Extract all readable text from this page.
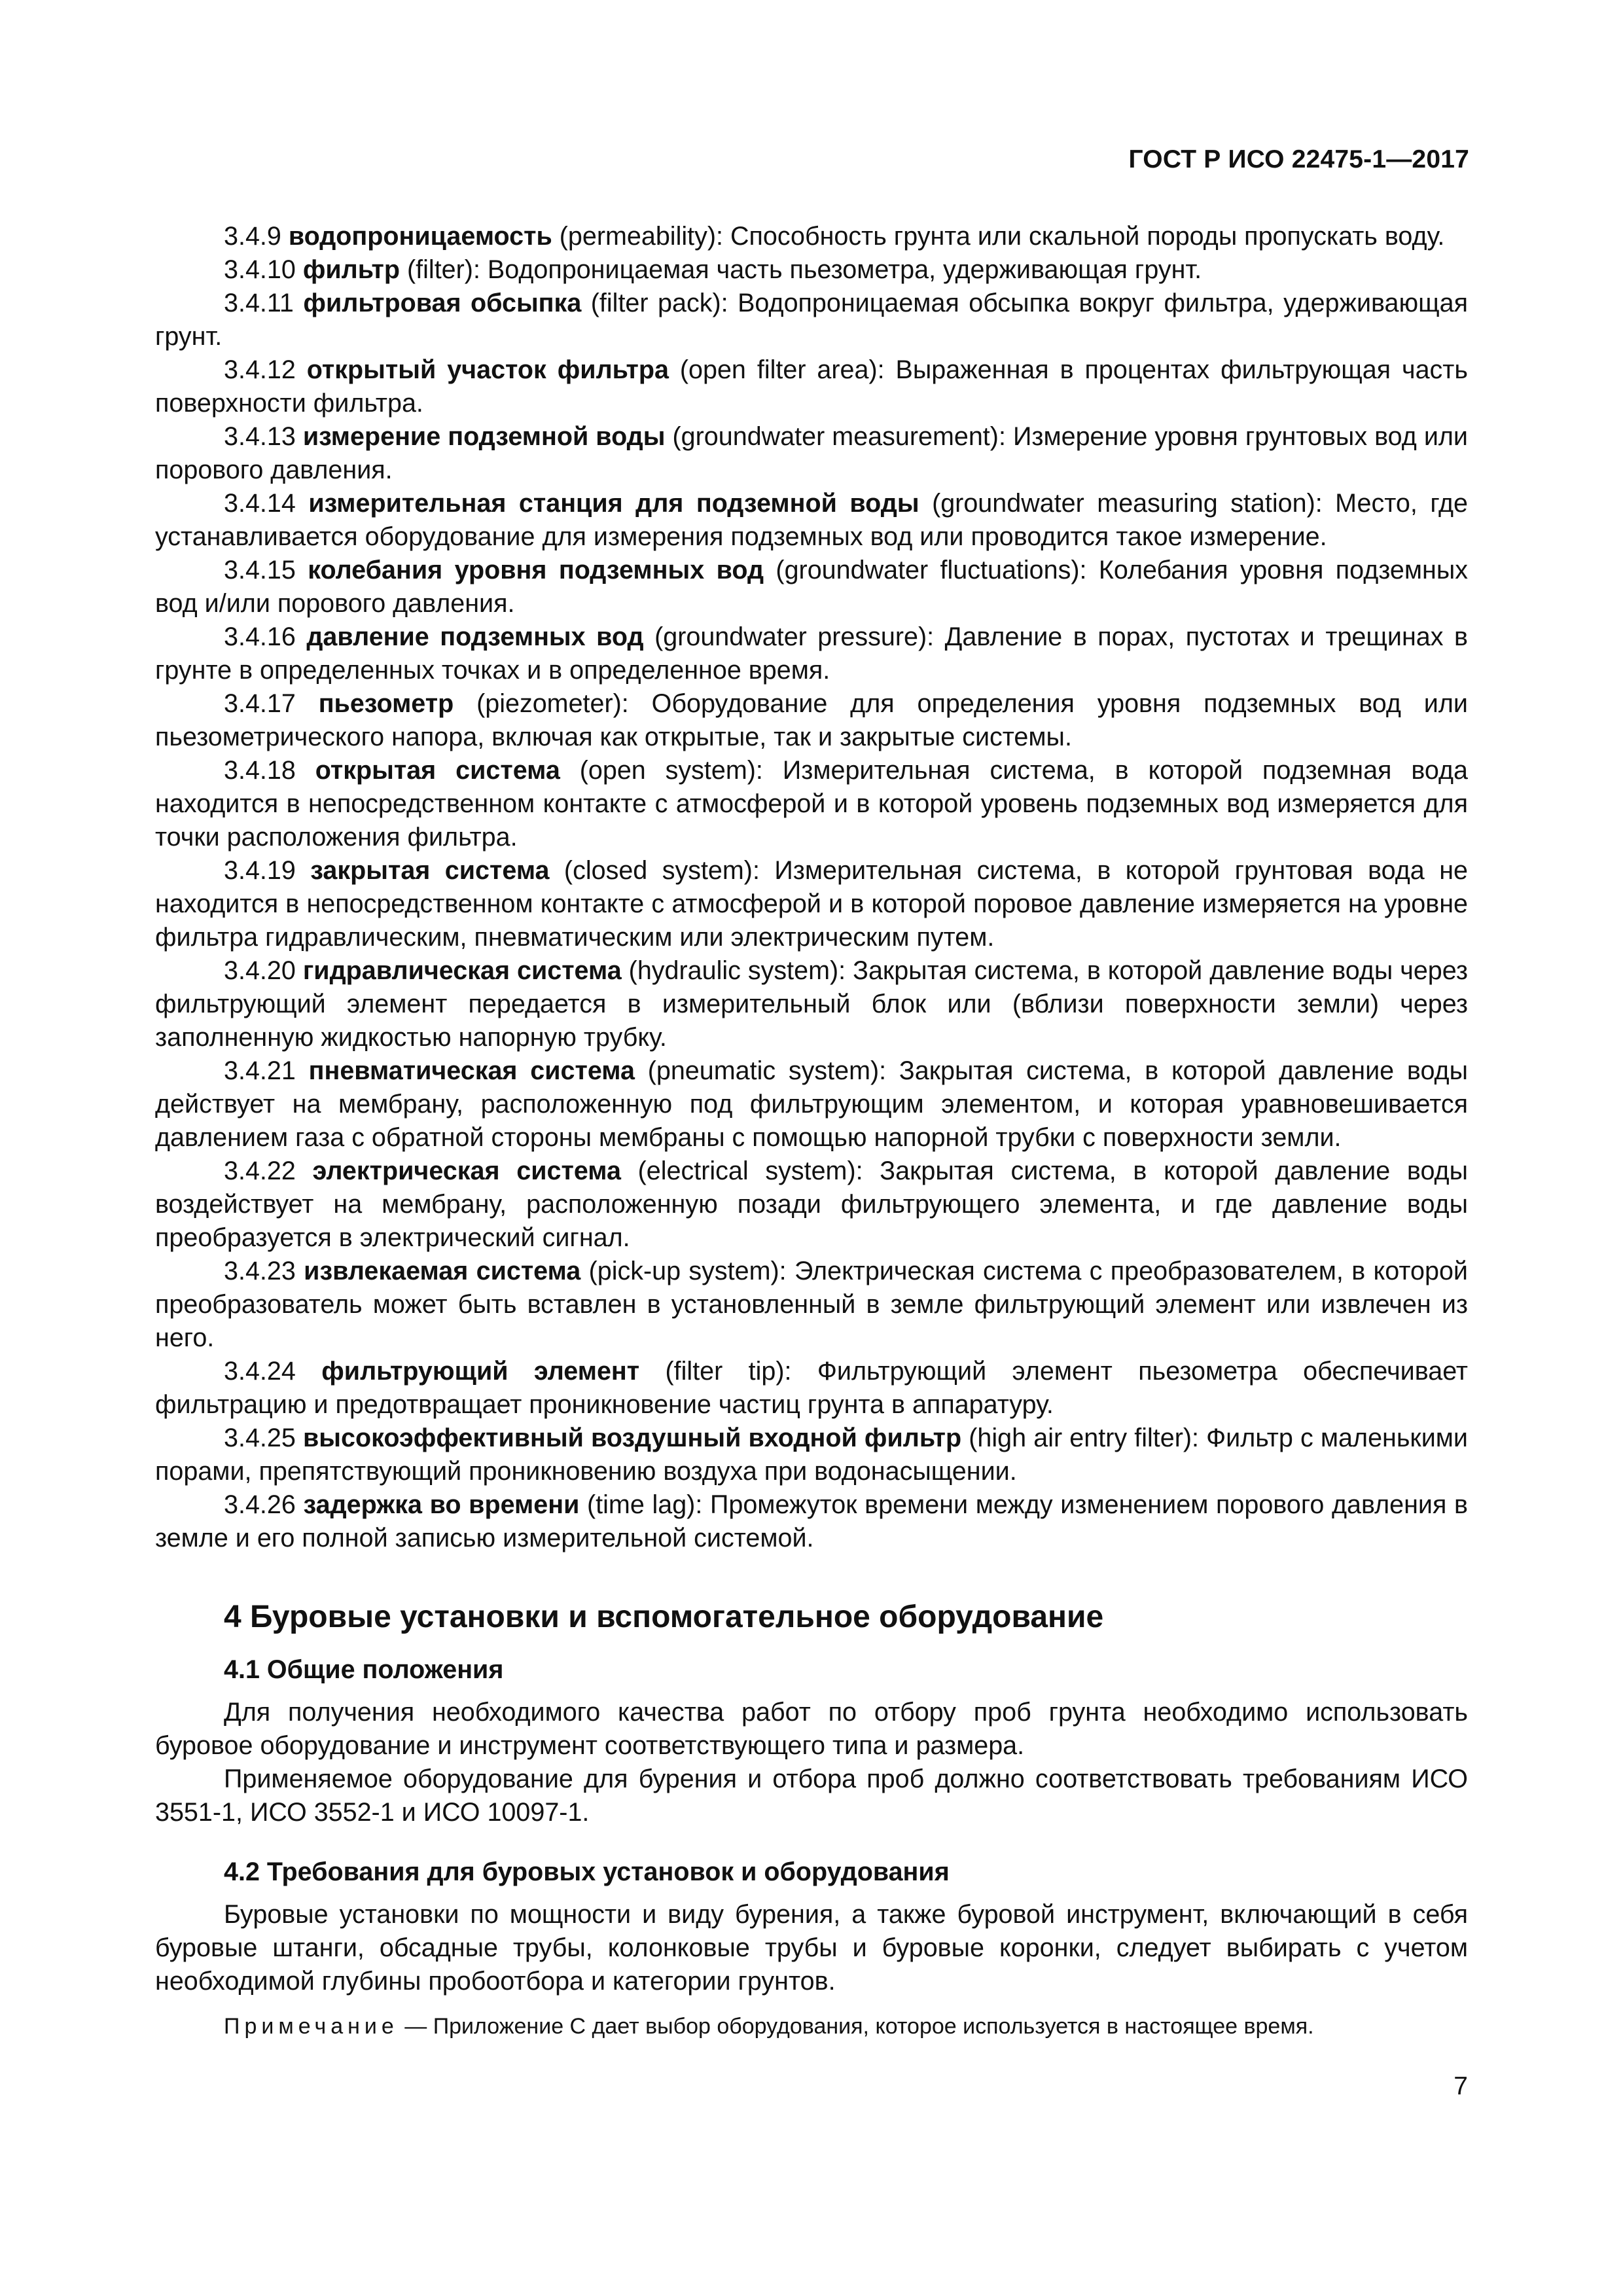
ГОСТ Р ИСО 22475-1—2017

3.4.9 водопроницаемость (permeability): Способность грунта или скальной породы пропускать воду.

3.4.10 фильтр (filter): Водопроницаемая часть пьезометра, удерживающая грунт.

3.4.11 фильтровая обсыпка (filter pack): Водопроницаемая обсыпка вокруг фильтра, удерживающая грунт.

3.4.12 открытый участок фильтра (open filter area): Выраженная в процентах фильтрующая часть поверхности фильтра.

3.4.13 измерение подземной воды (groundwater measurement): Измерение уровня грунтовых вод или порового давления.

3.4.14 измерительная станция для подземной воды (groundwater measuring station): Место, где устанавливается оборудование для измерения подземных вод или проводится такое измерение.

3.4.15 колебания уровня подземных вод (groundwater fluctuations): Колебания уровня подземных вод и/или порового давления.

3.4.16 давление подземных вод (groundwater pressure): Давление в порах, пустотах и трещинах в грунте в определенных точках и в определенное время.

3.4.17 пьезометр (piezometer): Оборудование для определения уровня подземных вод или пьезометрического напора, включая как открытые, так и закрытые системы.

3.4.18 открытая система (open system): Измерительная система, в которой подземная вода находится в непосредственном контакте с атмосферой и в которой уровень подземных вод измеряется для точки расположения фильтра.

3.4.19 закрытая система (closed system): Измерительная система, в которой грунтовая вода не находится в непосредственном контакте с атмосферой и в которой поровое давление измеряется на уровне фильтра гидравлическим, пневматическим или электрическим путем.

3.4.20 гидравлическая система (hydraulic system): Закрытая система, в которой давление воды через фильтрующий элемент передается в измерительный блок или (вблизи поверхности земли) через заполненную жидкостью напорную трубку.

3.4.21 пневматическая система (pneumatic system): Закрытая система, в которой давление воды действует на мембрану, расположенную под фильтрующим элементом, и которая уравновешивается давлением газа с обратной стороны мембраны с помощью напорной трубки с поверхности земли.

3.4.22 электрическая система (electrical system): Закрытая система, в которой давление воды воздействует на мембрану, расположенную позади фильтрующего элемента, и где давление воды преобразуется в электрический сигнал.

3.4.23 извлекаемая система (pick-up system): Электрическая система с преобразователем, в которой преобразователь может быть вставлен в установленный в земле фильтрующий элемент или извлечен из него.

3.4.24 фильтрующий элемент (filter tip): Фильтрующий элемент пьезометра обеспечивает фильтрацию и предотвращает проникновение частиц грунта в аппаратуру.

3.4.25 высокоэффективный воздушный входной фильтр (high air entry filter): Фильтр с маленькими порами, препятствующий проникновению воздуха при водонасыщении.

3.4.26 задержка во времени (time lag): Промежуток времени между изменением порового давления в земле и его полной записью измерительной системой.

4 Буровые установки и вспомогательное оборудование
4.1 Общие положения

Для получения необходимого качества работ по отбору проб грунта необходимо использовать буровое оборудование и инструмент соответствующего типа и размера.

Применяемое оборудование для бурения и отбора проб должно соответствовать требованиям ИСО 3551-1, ИСО 3552-1 и ИСО 10097-1.

4.2 Требования для буровых установок и оборудования

Буровые установки по мощности и виду бурения, а также буровой инструмент, включающий в себя буровые штанги, обсадные трубы, колонковые трубы и буровые коронки, следует выбирать с учетом необходимой глубины пробоотбора и категории грунтов.

Примечание — Приложение С дает выбор оборудования, которое используется в настоящее время.

7
